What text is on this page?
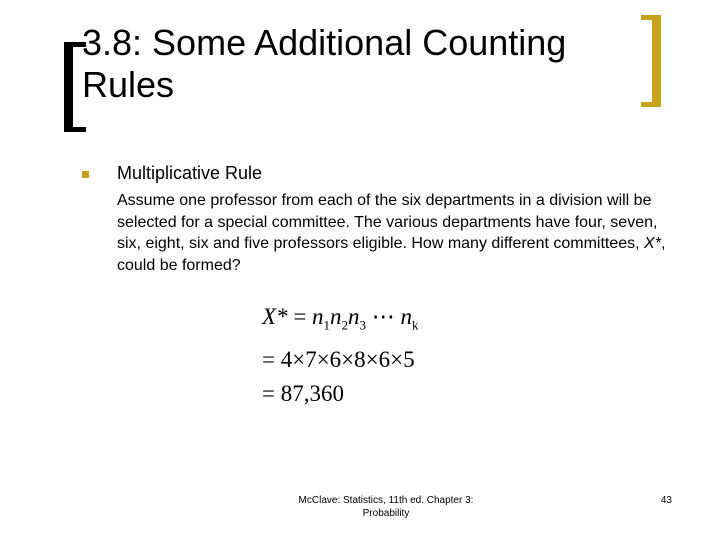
3.8: Some Additional Counting Rules
Multiplicative Rule
Assume one professor from each of the six departments in a division will be selected for a special committee. The various departments have four, seven, six, eight, six and five professors eligible. How many different committees, X*, could be formed?
$X* = n_1n_2n_3$ ⋯ $n_k$
= 4×7×6×8×6×5
= 87,360
McClave: Statistics, 11th ed. Chapter 3:
Probability
43
